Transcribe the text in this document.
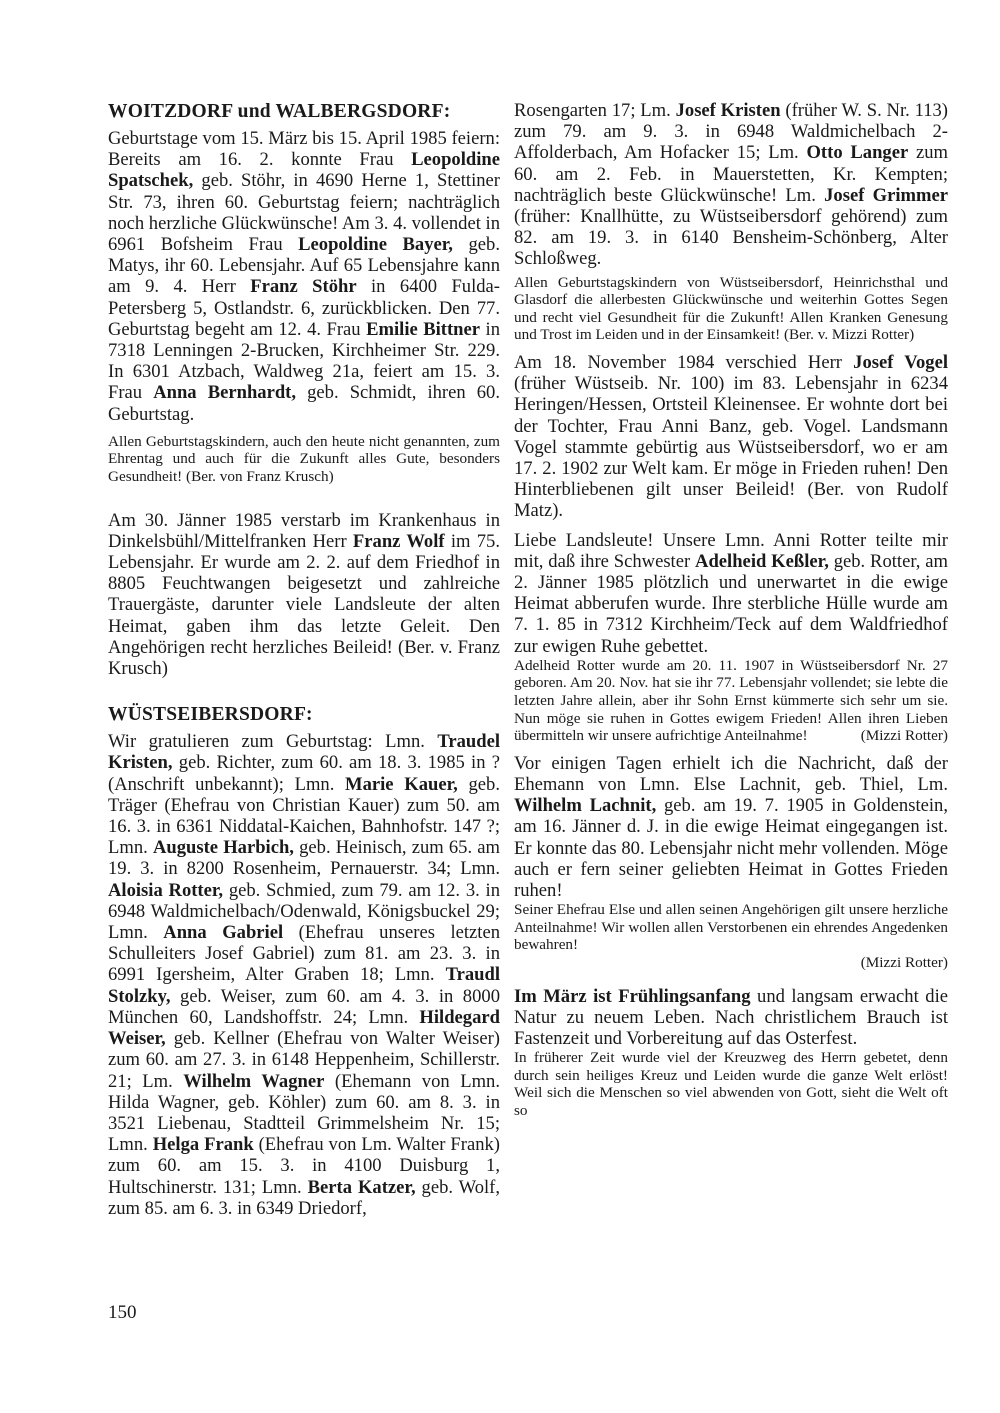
WOITZDORF und WALBERGSDORF:

Geburtstage vom 15. März bis 15. April 1985 feiern: Bereits am 16. 2. konnte Frau Leopoldine Spatschek, geb. Stöhr, in 4690 Herne 1, Stettiner Str. 73, ihren 60. Geburtstag feiern; nachträglich noch herzliche Glückwünsche! Am 3. 4. vollendet in 6961 Bofsheim Frau Leopoldine Bayer, geb. Matys, ihr 60. Lebensjahr. Auf 65 Lebensjahre kann am 9. 4. Herr Franz Stöhr in 6400 Fulda-Petersberg 5, Ostlandstr. 6, zurückblicken. Den 77. Geburtstag begeht am 12. 4. Frau Emilie Bittner in 7318 Lenningen 2-Brucken, Kirchheimer Str. 229. In 6301 Atzbach, Waldweg 21a, feiert am 15. 3. Frau Anna Bernhardt, geb. Schmidt, ihren 60. Geburtstag.

Allen Geburtstagskindern, auch den heute nicht genannten, zum Ehrentag und auch für die Zukunft alles Gute, besonders Gesundheit! (Ber. von Franz Krusch)

Am 30. Jänner 1985 verstarb im Krankenhaus in Dinkelsbühl/Mittelfranken Herr Franz Wolf im 75. Lebensjahr. Er wurde am 2. 2. auf dem Friedhof in 8805 Feuchtwangen beigesetzt und zahlreiche Trauergäste, darunter viele Landsleute der alten Heimat, gaben ihm das letzte Geleit. Den Angehörigen recht herzliches Beileid! (Ber. v. Franz Krusch)

WÜSTSEIBERSDORF:

Wir gratulieren zum Geburtstag: Lmn. Traudel Kristen, geb. Richter, zum 60. am 18. 3. 1985 in ? (Anschrift unbekannt); Lmn. Marie Kauer, geb. Träger (Ehefrau von Christian Kauer) zum 50. am 16. 3. in 6361 Niddatal-Kaichen, Bahnhofstr. 147 ?; Lmn. Auguste Harbich, geb. Heinisch, zum 65. am 19. 3. in 8200 Rosenheim, Pernauerstr. 34; Lmn. Aloisia Rotter, geb. Schmied, zum 79. am 12. 3. in 6948 Waldmichelbach/Odenwald, Königsbuckel 29; Lmn. Anna Gabriel (Ehefrau unseres letzten Schulleiters Josef Gabriel) zum 81. am 23. 3. in 6991 Igersheim, Alter Graben 18; Lmn. Traudl Stolzky, geb. Weiser, zum 60. am 4. 3. in 8000 München 60, Landshoffstr. 24; Lmn. Hildegard Weiser, geb. Kellner (Ehefrau von Walter Weiser) zum 60. am 27. 3. in 6148 Heppenheim, Schillerstr. 21; Lm. Wilhelm Wagner (Ehemann von Lmn. Hilda Wagner, geb. Köhler) zum 60. am 8. 3. in 3521 Liebenau, Stadtteil Grimmelsheim Nr. 15; Lmn. Helga Frank (Ehefrau von Lm. Walter Frank) zum 60. am 15. 3. in 4100 Duisburg 1, Hultschinerstr. 131; Lmn. Berta Katzer, geb. Wolf, zum 85. am 6. 3. in 6349 Driedorf,

Rosengarten 17; Lm. Josef Kristen (früher W. S. Nr. 113) zum 79. am 9. 3. in 6948 Waldmichelbach 2-Affolderbach, Am Hofacker 15; Lm. Otto Langer zum 60. am 2. Feb. in Mauerstetten, Kr. Kempten; nachträglich beste Glückwünsche! Lm. Josef Grimmer (früher: Knallhütte, zu Wüstseibersdorf gehörend) zum 82. am 19. 3. in 6140 Bensheim-Schönberg, Alter Schloßweg.

Allen Geburtstagskindern von Wüstseibersdorf, Heinrichsthal und Glasdorf die allerbesten Glückwünsche und weiterhin Gottes Segen und recht viel Gesundheit für die Zukunft! Allen Kranken Genesung und Trost im Leiden und in der Einsamkeit! (Ber. v. Mizzi Rotter)

Am 18. November 1984 verschied Herr Josef Vogel (früher Wüstseib. Nr. 100) im 83. Lebensjahr in 6234 Heringen/Hessen, Ortsteil Kleinensee. Er wohnte dort bei der Tochter, Frau Anni Banz, geb. Vogel. Landsmann Vogel stammte gebürtig aus Wüstseibersdorf, wo er am 17. 2. 1902 zur Welt kam. Er möge in Frieden ruhen! Den Hinterbliebenen gilt unser Beileid! (Ber. von Rudolf Matz).

Liebe Landsleute! Unsere Lmn. Anni Rotter teilte mir mit, daß ihre Schwester Adelheid Keßler, geb. Rotter, am 2. Jänner 1985 plötzlich und unerwartet in die ewige Heimat abberufen wurde. Ihre sterbliche Hülle wurde am 7. 1. 85 in 7312 Kirchheim/Teck auf dem Waldfriedhof zur ewigen Ruhe gebettet.

Adelheid Rotter wurde am 20. 11. 1907 in Wüstseibersdorf Nr. 27 geboren. Am 20. Nov. hat sie ihr 77. Lebensjahr vollendet; sie lebte die letzten Jahre allein, aber ihr Sohn Ernst kümmerte sich sehr um sie. Nun möge sie ruhen in Gottes ewigem Frieden! Allen ihren Lieben übermitteln wir unsere aufrichtige Anteilnahme!	(Mizzi Rotter)

Vor einigen Tagen erhielt ich die Nachricht, daß der Ehemann von Lmn. Else Lachnit, geb. Thiel, Lm. Wilhelm Lachnit, geb. am 19. 7. 1905 in Goldenstein, am 16. Jänner d. J. in die ewige Heimat eingegangen ist. Er konnte das 80. Lebensjahr nicht mehr vollenden. Möge auch er fern seiner geliebten Heimat in Gottes Frieden ruhen!

Seiner Ehefrau Else und allen seinen Angehörigen gilt unsere herzliche Anteilnahme! Wir wollen allen Verstorbenen ein ehrendes Angedenken bewahren!

(Mizzi Rotter)

Im März ist Frühlingsanfang und langsam erwacht die Natur zu neuem Leben. Nach christlichem Brauch ist Fastenzeit und Vorbereitung auf das Osterfest.

In früherer Zeit wurde viel der Kreuzweg des Herrn gebetet, denn durch sein heiliges Kreuz und Leiden wurde die ganze Welt erlöst! Weil sich die Menschen so viel abwenden von Gott, sieht die Welt oft so

150
